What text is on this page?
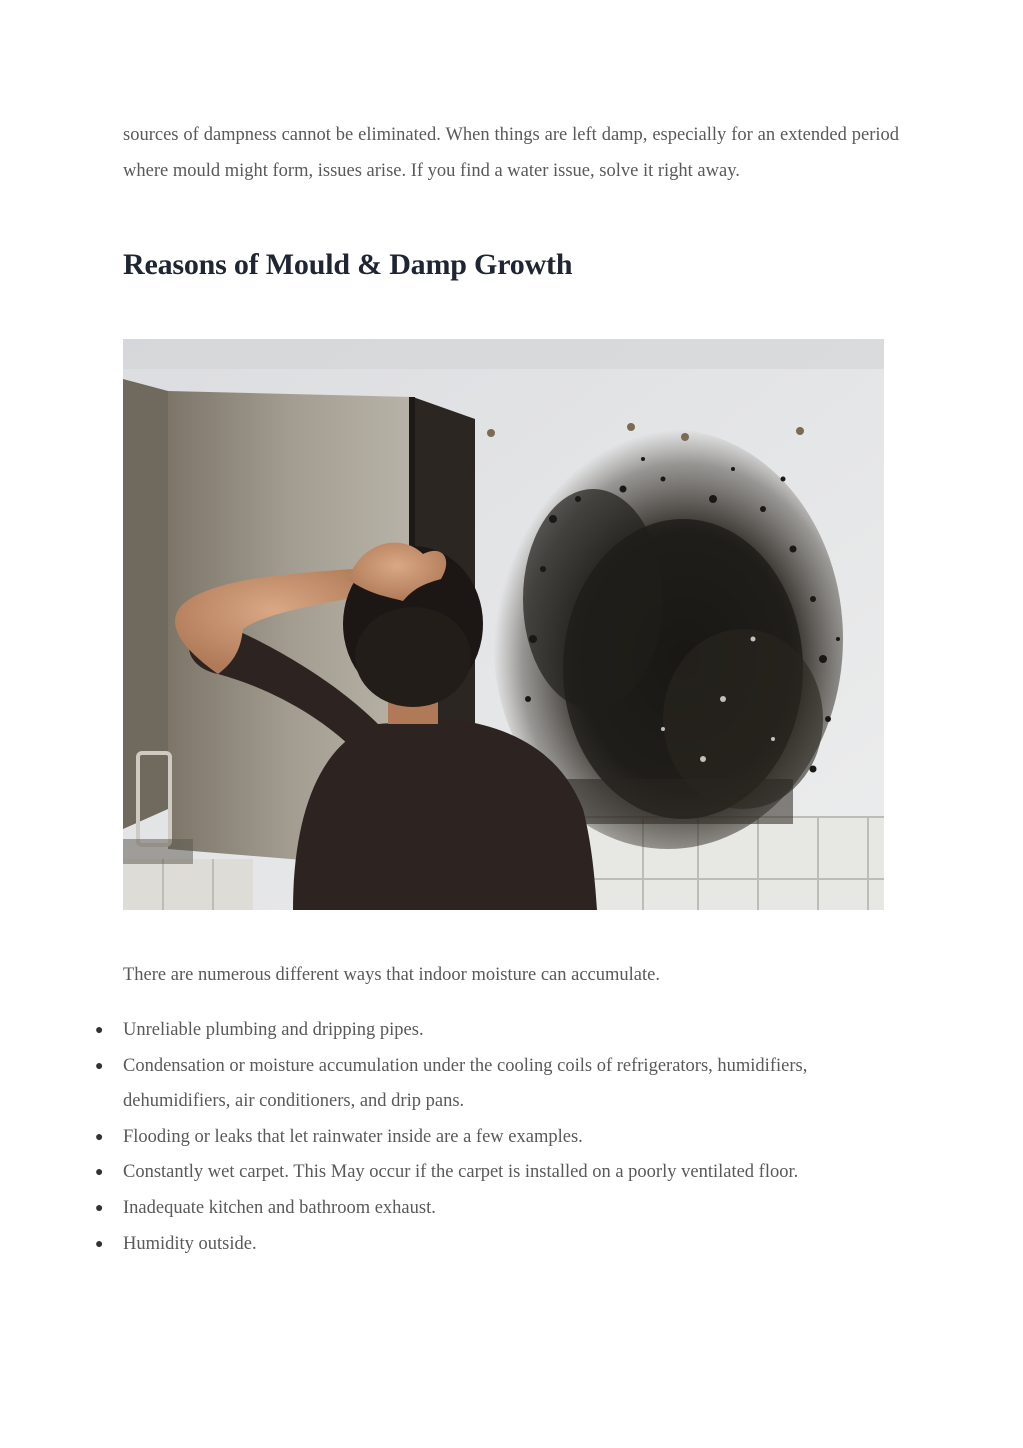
sources of dampness cannot be eliminated. When things are left damp, especially for an extended period where mould might form, issues arise. If you find a water issue, solve it right away.

Reasons of Mould & Damp Growth

There are numerous different ways that indoor moisture can accumulate.

● Unreliable plumbing and dripping pipes.
● Condensation or moisture accumulation under the cooling coils of refrigerators, humidifiers, dehumidifiers, air conditioners, and drip pans.
● Flooding or leaks that let rainwater inside are a few examples.
● Constantly wet carpet. This May occur if the carpet is installed on a poorly ventilated floor.
● Inadequate kitchen and bathroom exhaust.
● Humidity outside.
